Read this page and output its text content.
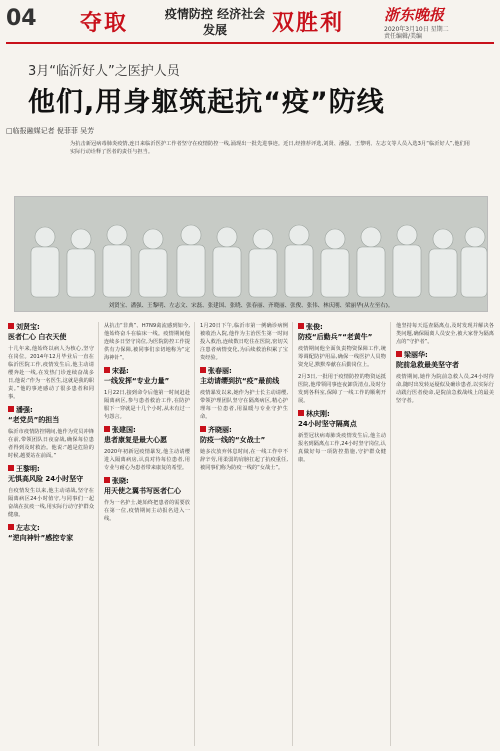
04 夺取	疫情防控 经济社会发展	双胜利	浙东晚报
2020年3月10日 星期二
责任编辑/美编
3月“临沂好人”之医护人员
他们,用身躯筑起抗“疫”防线
□临报融媒记者 倪菲菲 吴芳
为抗击新冠病毒肺炎疫情,连日来临沂医护工作者坚守在疫情防控一线,涌现出一批先进事迹。近日,经推荐评选,刘贤、潘强、王黎明、左志文等人员入选3月“临沂好人”,他们用实际行动诠释了医者的责任与担当。
刘贤宝、潘强、王黎明、左志文、宋磊、张建国、张晓、张春丽、齐晓丽、张俊、张伟、林庆刚、梁丽华(从左至右)。
刘贤宝:
医者仁心 白衣天使
十几年来,他始终以病人为核心,坚守在岗位。2014年12月毕业后一直在临沂医院工作,疫情发生后,他主动请缨奔赴一线,在发热门诊连续奋战多日,他说:“作为一名医生,这就是我的职责。”他的事迹感动了很多患者和同事。
潘强:
“老党员”的担当
临沂市疫情防控期间,他作为党员冲锋在前,带领团队日夜奋战,确保每位患者得到及时救治。他说:“越是危险的时候,越要站在前面。”
王黎明:
无惧高风险 24小时坚守
自疫情发生以来,他主动请战,坚守在隔离病区24小时值守,与同事们一起奋战在抗疫一线,用实际行动守护群众健康。
左志文:
“逆向神针”感控专家
从抗击“非典”、H7N9禽流感到如今,他始终奋斗在临床一线。疫情期间他连续多日坚守岗位,为医院防控工作提供有力保障,被同事们亲切地称为“定海神针”。
宋磊:
一线发挥“专业力量”
1月22日,接到命令后他第一时间赶赴隔离病区,参与患者救治工作,在防护服下一穿就是十几个小时,从未有过一句怨言。
张建国:
患者康复是最大心愿
2020年初新冠疫情暴发,他主动请缨进入隔离病房,认真对待每位患者,用专业与耐心为患者带来康复的希望。
张晓:
用天使之翼书写医者仁心
作为一名护士,她始终把患者的需要放在第一位,疫情期间主动报名进入一线。
1月20日下午,临沂市第一例确诊病例被收治入院,他作为主治医生第一时间投入救治,连续数日吃住在医院,密切关注患者病情变化,为后续救治积累了宝贵经验。
张春丽:
主动请缨到抗“疫”最前线
疫情暴发以来,她作为护士长主动请缨,带领护理团队坚守在隔离病区,精心护理每一位患者,用温暖与专业守护生命。
齐晓丽:
防疫一线的“女战士”
她多次放弃休息时间,在一线工作中不辞辛劳,用柔弱的肩膀扛起了抗疫重任,被同事们称为防疫一线的“女战士”。
张俊:
防疫“后勤兵”“老黄牛”
疫情期间他全面负责物资保障工作,统筹调配防护用品,确保一线医护人员物资充足,默默奉献在后勤岗位上。
2月3日,一批用于疫情防控的物资运抵医院,他带领同事连夜卸货清点,及时分发到各科室,保障了一线工作的顺利开展。
林庆刚:
24小时坚守隔离点
新型冠状病毒肺炎疫情发生后,他主动报名到隔离点工作,24小时坚守岗位,认真做好每一项防控措施,守护群众健康。
他坚持每天巡查隔离点,及时发现并解决各类问题,确保隔离人员安全,被大家誉为隔离点的“守护者”。
梁丽华:
院前急救最美坚守者
疫情期间,她作为院前急救人员,24小时待命,随时出发转运疑似及确诊患者,以实际行动践行医者使命,是院前急救战线上的最美坚守者。
